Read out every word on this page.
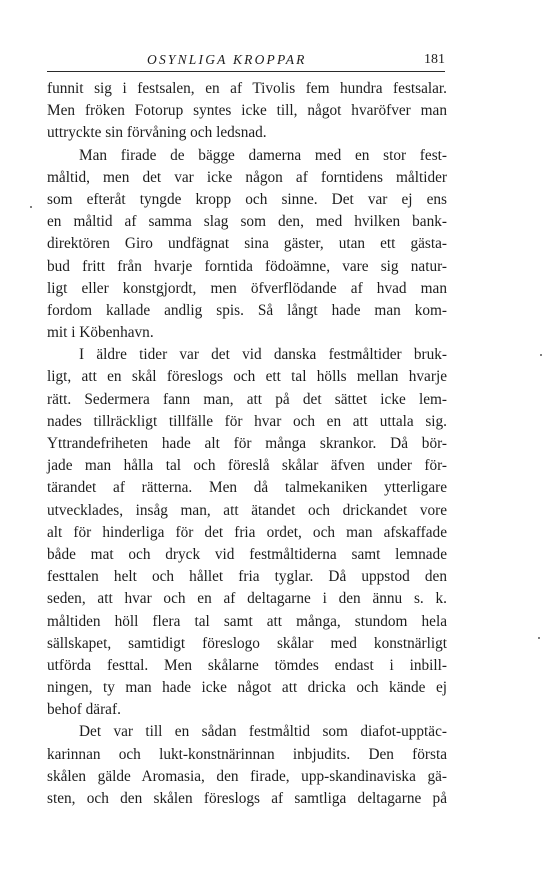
OSYNLIGA KROPPAR	181
funnit sig i festsalen, en af Tivolis fem hundra festsalar.
Men fröken Fotorup syntes icke till, något hvaröfver man
uttryckte sin förvåning och ledsnad.
Man firade de bägge damerna med en stor fest-
måltid, men det var icke någon af forntidens måltider
som efteråt tyngde kropp och sinne. Det var ej ens
en måltid af samma slag som den, med hvilken bank-
direktören Giro undfägnat sina gäster, utan ett gästa-
bud fritt från hvarje forntida födoämne, vare sig natur-
ligt eller konstgjordt, men öfverflödande af hvad man
fordom kallade andlig spis. Så långt hade man kom-
mit i Köbenhavn.
I äldre tider var det vid danska festmåltider bruk-
ligt, att en skål föreslogs och ett tal hölls mellan hvarje
rätt. Sedermera fann man, att på det sättet icke lem-
nades tillräckligt tillfälle för hvar och en att uttala sig.
Yttrandefriheten hade alt för många skrankor. Då bör-
jade man hålla tal och föreslå skålar äfven under för-
tärandet af rätterna. Men då talmekaniken ytterligare
utvecklades, insåg man, att ätandet och drickandet vore
alt för hinderliga för det fria ordet, och man afskaffade
både mat och dryck vid festmåltiderna samt lemnade
festtalen helt och hållet fria tyglar. Då uppstod den
seden, att hvar och en af deltagarne i den ännu s. k.
måltiden höll flera tal samt att många, stundom hela
sällskapet, samtidigt föreslogo skålar med konstnärligt
utförda festtal. Men skålarne tömdes endast i inbill-
ningen, ty man hade icke något att dricka och kände ej
behof däraf.
Det var till en sådan festmåltid som diafot-upptäc-
karinnan och lukt-konstnärinnan inbjudits. Den första
skålen gälde Aromasia, den firade, upp-skandinaviska gä-
sten, och den skålen föreslogs af samtliga deltagarne på
